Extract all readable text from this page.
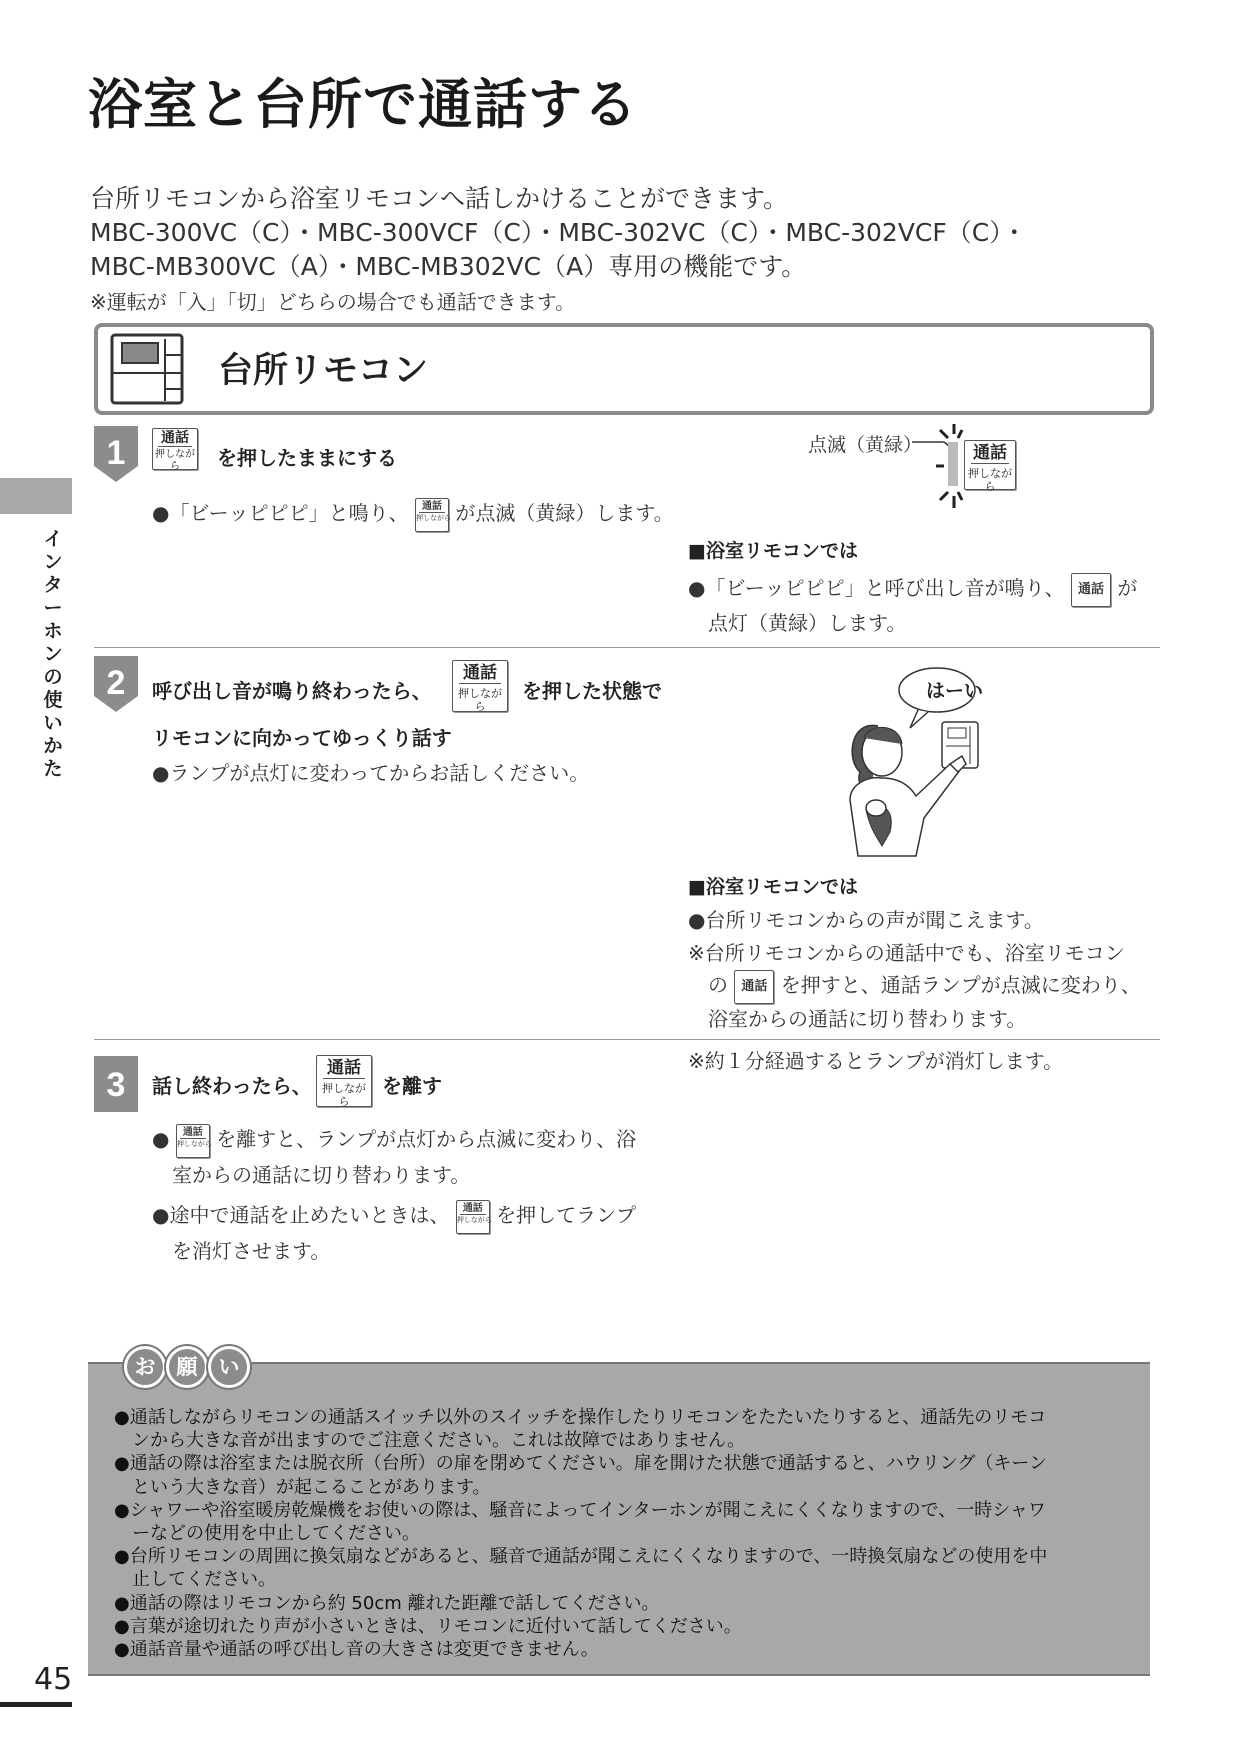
浴室と台所で通話する
台所リモコンから浴室リモコンへ話しかけることができます。
MBC-300VC（C）・MBC-300VCF（C）・MBC-302VC（C）・MBC-302VCF（C）・
MBC-MB300VC（A）・MBC-MB302VC（A）専用の機能です。
※運転が「入」「切」どちらの場合でも通話できます。
インターホンの使いかた
台所リモコン
1	通話
押しながら	を押したままにする
●「ビーッピピピ」と鳴り、	通話
押しながら が点滅（黄緑）します。
点滅（黄緑）	通話
押しながら
■浴室リモコンでは
●「ビーッピピピ」と呼び出し音が鳴り、 通話 が
点灯（黄緑）します。
2 呼び出し音が鳴り終わったら、
通話
押しながら
を押した状態で
リモコンに向かってゆっくり話す
●ランプが点灯に変わってからお話しください。
はーい
■浴室リモコンでは
●台所リモコンからの声が聞こえます。
※台所リモコンからの通話中でも、浴室リモコン
の 通話 を押すと、通話ランプが点滅に変わり、
浴室からの通話に切り替わります。
3 話し終わったら、
通話
押しながら
を離す
※約１分経過するとランプが消灯します。
●	通話
押しながら を離すと、ランプが点灯から点滅に変わり、浴
室からの通話に切り替わります。
●途中で通話を止めたいときは、	通話
押しながら を押してランプ
を消灯させます。
お	願	い
●通話しながらリモコンの通話スイッチ以外のスイッチを操作したりリモコンをたたいたりすると、通話先のリモコ
ンから大きな音が出ますのでご注意ください。これは故障ではありません。
●通話の際は浴室または脱衣所（台所）の扉を閉めてください。扉を開けた状態で通話すると、ハウリング（キーン
という大きな音）が起こることがあります。
●シャワーや浴室暖房乾燥機をお使いの際は、騒音によってインターホンが聞こえにくくなりますので、一時シャワ
ーなどの使用を中止してください。
●台所リモコンの周囲に換気扇などがあると、騒音で通話が聞こえにくくなりますので、一時換気扇などの使用を中
止してください。
●通話の際はリモコンから約 50cm 離れた距離で話してください。
●言葉が途切れたり声が小さいときは、リモコンに近付いて話してください。
●通話音量や通話の呼び出し音の大きさは変更できません。
45
